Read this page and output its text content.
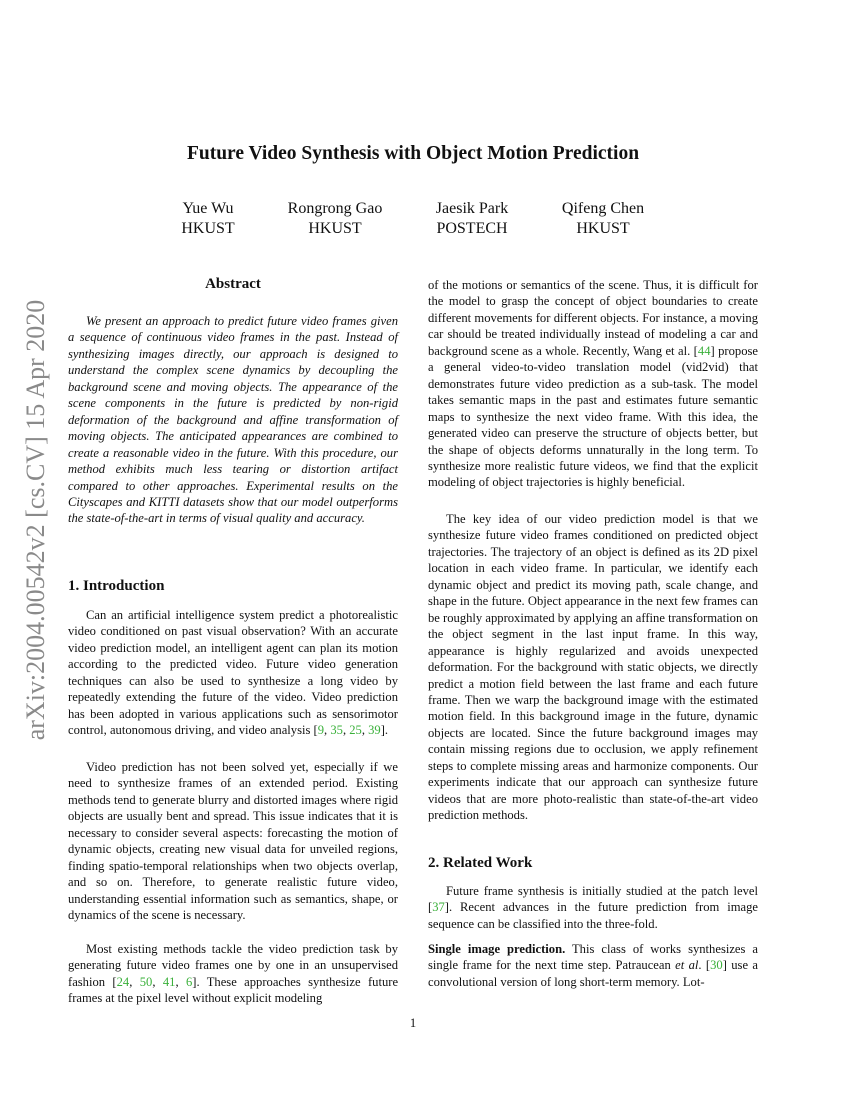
arXiv:2004.00542v2 [cs.CV] 15 Apr 2020
Future Video Synthesis with Object Motion Prediction
Yue Wu
HKUST
Rongrong Gao
HKUST
Jaesik Park
POSTECH
Qifeng Chen
HKUST
Abstract
We present an approach to predict future video frames given a sequence of continuous video frames in the past. Instead of synthesizing images directly, our approach is designed to understand the complex scene dynamics by decoupling the background scene and moving objects. The appearance of the scene components in the future is predicted by non-rigid deformation of the background and affine transformation of moving objects. The anticipated appearances are combined to create a reasonable video in the future. With this procedure, our method exhibits much less tearing or distortion artifact compared to other approaches. Experimental results on the Cityscapes and KITTI datasets show that our model outperforms the state-of-the-art in terms of visual quality and accuracy.
1. Introduction

Can an artificial intelligence system predict a photorealistic video conditioned on past visual observation? With an accurate video prediction model, an intelligent agent can plan its motion according to the predicted video. Future video generation techniques can also be used to synthesize a long video by repeatedly extending the future of the video. Video prediction has been adopted in various applications such as sensorimotor control, autonomous driving, and video analysis [9, 35, 25, 39].

Video prediction has not been solved yet, especially if we need to synthesize frames of an extended period. Existing methods tend to generate blurry and distorted images where rigid objects are usually bent and spread. This issue indicates that it is necessary to consider several aspects: forecasting the motion of dynamic objects, creating new visual data for unveiled regions, finding spatio-temporal relationships when two objects overlap, and so on. Therefore, to generate realistic future video, understanding essential information such as semantics, shape, or dynamics of the scene is necessary.

Most existing methods tackle the video prediction task by generating future video frames one by one in an unsupervised fashion [24, 50, 41, 6]. These approaches synthesize future frames at the pixel level without explicit modeling

of the motions or semantics of the scene. Thus, it is difficult for the model to grasp the concept of object boundaries to create different movements for different objects. For instance, a moving car should be treated individually instead of modeling a car and background scene as a whole. Recently, Wang et al. [44] propose a general video-to-video translation model (vid2vid) that demonstrates future video prediction as a sub-task. The model takes semantic maps in the past and estimates future semantic maps to synthesize the next video frame. With this idea, the generated video can preserve the structure of objects better, but the shape of objects deforms unnaturally in the long term. To synthesize more realistic future videos, we find that the explicit modeling of object trajectories is highly beneficial.

The key idea of our video prediction model is that we synthesize future video frames conditioned on predicted object trajectories. The trajectory of an object is defined as its 2D pixel location in each video frame. In particular, we identify each dynamic object and predict its moving path, scale change, and shape in the future. Object appearance in the next few frames can be roughly approximated by applying an affine transformation on the object segment in the last input frame. In this way, appearance is highly regularized and avoids unexpected deformation. For the background with static objects, we directly predict a motion field between the last frame and each future frame. Then we warp the background image with the estimated motion field. In this background image in the future, dynamic objects are located. Since the future background images may contain missing regions due to occlusion, we apply refinement steps to complete missing areas and harmonize components. Our experiments indicate that our approach can synthesize future videos that are more photo-realistic than state-of-the-art video prediction methods.

2. Related Work

Future frame synthesis is initially studied at the patch level [37]. Recent advances in the future prediction from image sequence can be classified into the three-fold.

Single image prediction. This class of works synthesizes a single frame for the next time step. Patraucean et al. [30] use a convolutional version of long short-term memory. Lot-

1
